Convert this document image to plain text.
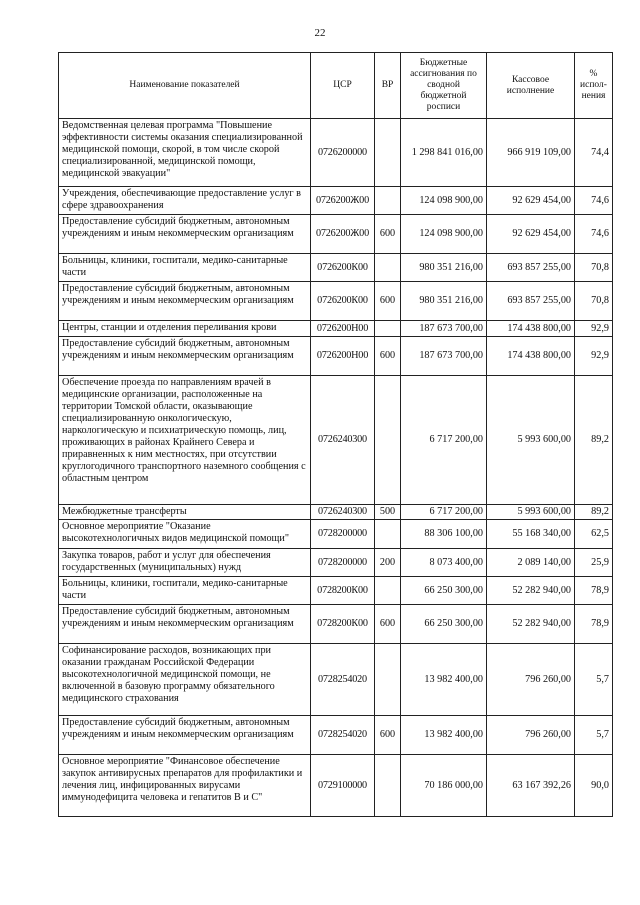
22
Наименование показателей	ЦСР	ВР	Бюджетные ассигнования по сводной бюджетной росписи	Кассовое исполнение	% испол-нения
Ведомственная целевая программа "Повышение эффективности системы оказания специализированной медицинской помощи, скорой, в том числе скорой специализированной, медицинской помощи, медицинской эвакуации"	0726200000		1 298 841 016,00	966 919 109,00	74,4
Учреждения, обеспечивающие предоставление услуг в сфере здравоохранения	0726200Ж00		124 098 900,00	92 629 454,00	74,6
Предоставление субсидий бюджетным, автономным учреждениям и иным некоммерческим организациям	0726200Ж00	600	124 098 900,00	92 629 454,00	74,6
Больницы, клиники, госпитали, медико-санитарные части	0726200К00		980 351 216,00	693 857 255,00	70,8
Предоставление субсидий бюджетным, автономным учреждениям и иным некоммерческим организациям	0726200К00	600	980 351 216,00	693 857 255,00	70,8
Центры, станции и отделения переливания крови	0726200Н00		187 673 700,00	174 438 800,00	92,9
Предоставление субсидий бюджетным, автономным учреждениям и иным некоммерческим организациям	0726200Н00	600	187 673 700,00	174 438 800,00	92,9
Обеспечение проезда по направлениям врачей в медицинские организации, расположенные на территории Томской области, оказывающие специализированную онкологическую, наркологическую и психиатрическую помощь, лиц, проживающих в районах Крайнего Севера и приравненных к ним местностях, при отсутствии круглогодичного транспортного наземного сообщения с областным центром	0726240300		6 717 200,00	5 993 600,00	89,2
Межбюджетные трансферты	0726240300	500	6 717 200,00	5 993 600,00	89,2
Основное мероприятие "Оказание высокотехнологичных видов медицинской помощи"	0728200000		88 306 100,00	55 168 340,00	62,5
Закупка товаров, работ и услуг для обеспечения государственных (муниципальных) нужд	0728200000	200	8 073 400,00	2 089 140,00	25,9
Больницы, клиники, госпитали, медико-санитарные части	0728200К00		66 250 300,00	52 282 940,00	78,9
Предоставление субсидий бюджетным, автономным учреждениям и иным некоммерческим организациям	0728200К00	600	66 250 300,00	52 282 940,00	78,9
Софинансирование расходов, возникающих при оказании гражданам Российской Федерации высокотехнологичной медицинской помощи, не включенной в базовую программу обязательного медицинского страхования	0728254020		13 982 400,00	796 260,00	5,7
Предоставление субсидий бюджетным, автономным учреждениям и иным некоммерческим организациям	0728254020	600	13 982 400,00	796 260,00	5,7
Основное мероприятие "Финансовое обеспечение закупок антивирусных препаратов для профилактики и лечения лиц, инфицированных вирусами иммунодефицита человека и гепатитов В и С"	0729100000		70 186 000,00	63 167 392,26	90,0
